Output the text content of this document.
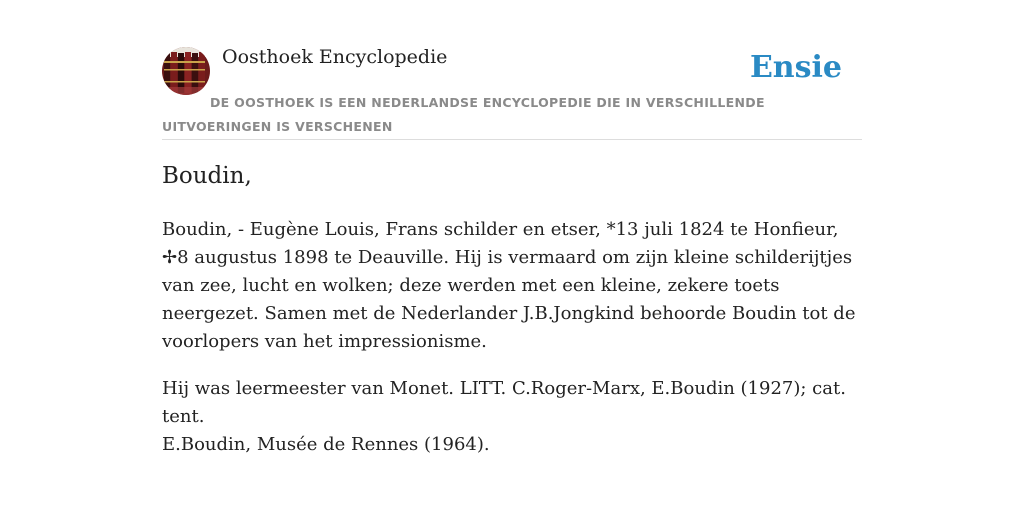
Oosthoek Encyclopedie	Ensie
DE OOSTHOEK IS EEN NEDERLANDSE ENCYCLOPEDIE DIE IN VERSCHILLENDE UITVOERINGEN IS VERSCHENEN
Boudin,

Boudin, - Eugène Louis, Frans schilder en etser, *13 juli 1824 te Honfieur, ✢8 augustus 1898 te Deauville. Hij is vermaard om zijn kleine schilderijtjes van zee, lucht en wolken; deze werden met een kleine, zekere toets neergezet. Samen met de Nederlander J.B.Jongkind behoorde Boudin tot de voorlopers van het impressionisme.

Hij was leermeester van Monet. LITT. C.Roger-Marx, E.Boudin (1927); cat. tent.

E.Boudin, Musée de Rennes (1964).
